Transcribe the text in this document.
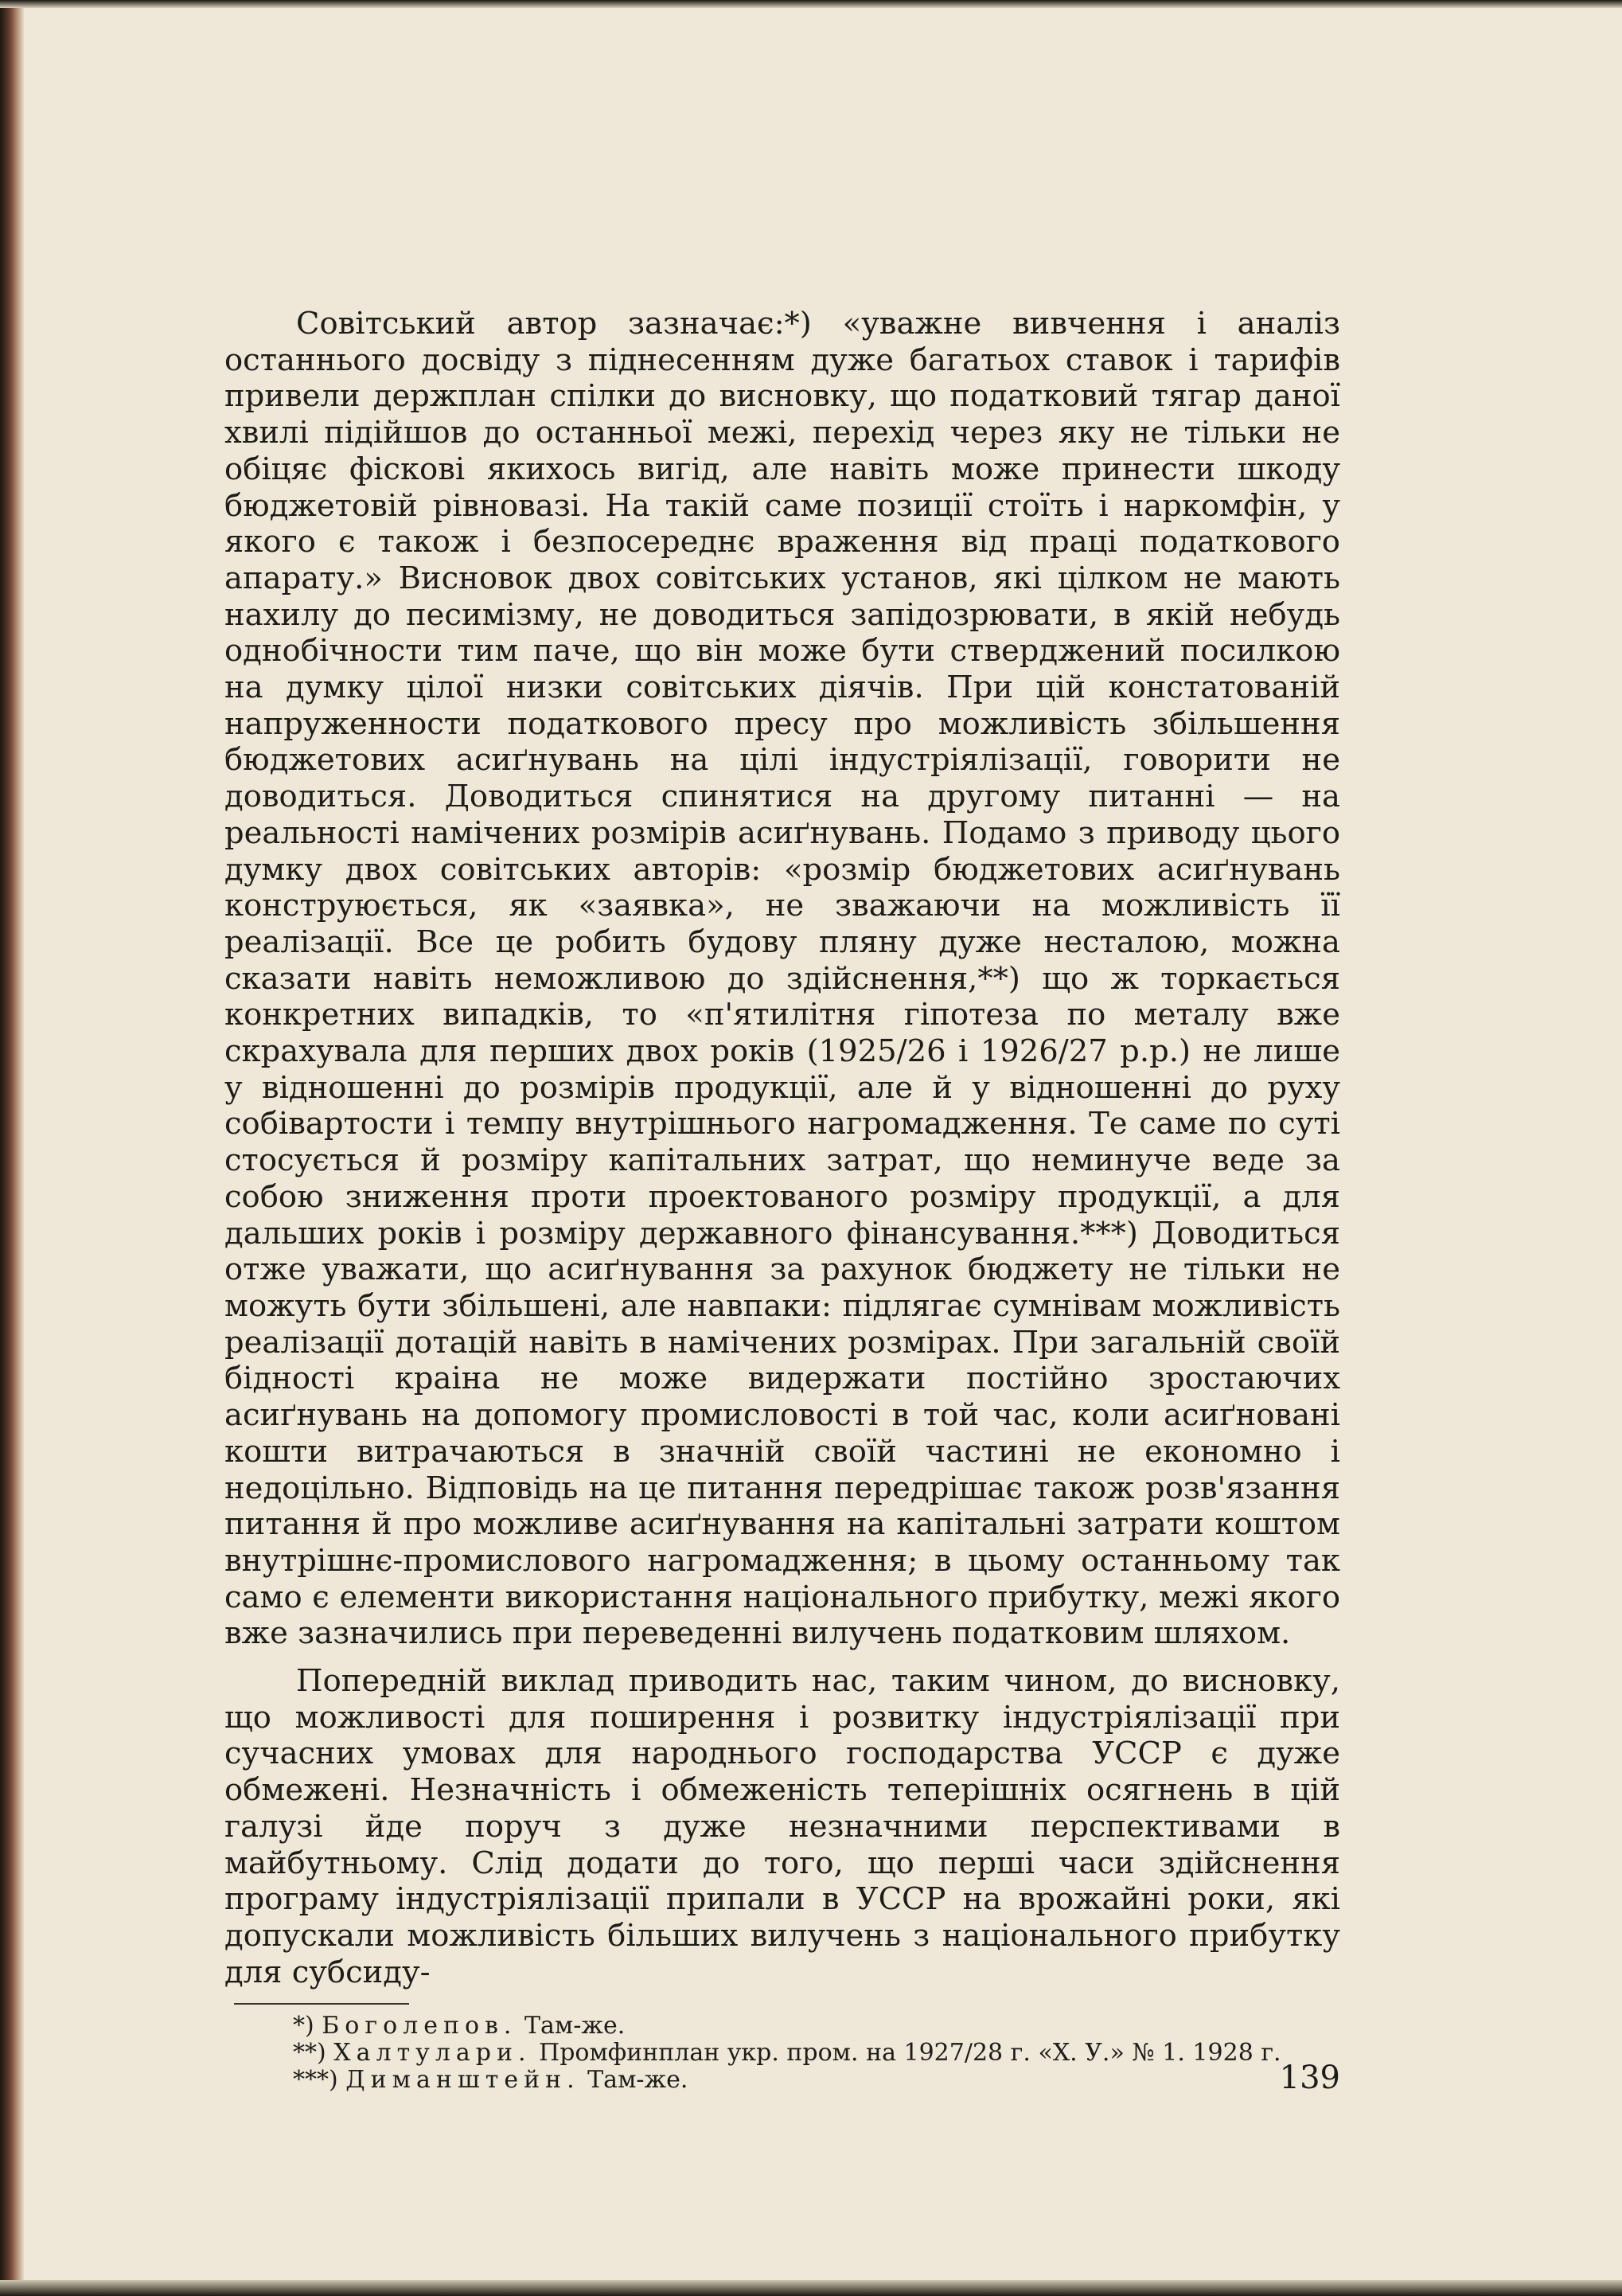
Совітський автор зазначає:*) «уважне вивчення і аналіз останнього досвіду з піднесенням дуже багатьох ставок і тарифів привели держплан спілки до висновку, що податковий тягар даної хвилі підійшов до останньої межі, перехід через яку не тільки не обіцяє фіскові якихось вигід, але навіть може принести шкоду бюджетовій рівновазі. На такій саме позиції стоїть і наркомфін, у якого є також і безпосереднє враження від праці податкового апарату.» Висновок двох совітських установ, які цілком не мають нахилу до песимізму, не доводиться запідозрювати, в якій небудь однобічности тим паче, що він може бути стверджений посилкою на думку цілої низки совітських діячів. При цій констатованій напруженности податкового пресу про можливість збільшення бюджетових асиґнувань на цілі індустріялізації, говорити не доводиться. Доводиться спинятися на другому питанні — на реальності намічених розмірів асиґнувань. Подамо з приводу цього думку двох совітських авторів: «розмір бюджетових асиґнувань конструюється, як «заявка», не зважаючи на можливість її реалізації. Все це робить будову пляну дуже несталою, можна сказати навіть неможливою до здійснення,**) що ж торкається конкретних випадків, то «п'ятилітня гіпотеза по металу вже скрахувала для перших двох років (1925/26 і 1926/27 р.р.) не лише у відношенні до розмірів продукції, але й у відношенні до руху собівартости і темпу внутрішнього нагромадження. Те саме по суті стосується й розміру капітальних затрат, що неминуче веде за собою зниження проти проектованого розміру продукції, а для дальших років і розміру державного фінансування.***) Доводиться отже уважати, що асиґнування за рахунок бюджету не тільки не можуть бути збільшені, але навпаки: підлягає сумнівам можливість реалізації дотацій навіть в намічених розмірах. При загальній своїй бідності краіна не може видержати постійно зростаючих асиґнувань на допомогу промисловості в той час, коли асиґновані кошти витрачаються в значній своїй частині не економно і недоцільно. Відповідь на це питання передрішає також розв'язання питання й про можливе асиґнування на капітальні затрати коштом внутрішнє-промислового нагромадження; в цьому останньому так само є елементи використання національного прибутку, межі якого вже зазначились при переведенні вилучень податковим шляхом.

Попередній виклад приводить нас, таким чином, до висновку, що можливості для поширення і розвитку індустріялізації при сучасних умовах для народнього господарства УССР є дуже обмежені. Незначність і обмеженість теперішніх осягнень в цій галузі йде поруч з дуже незначними перспективами в майбутньому. Слід додати до того, що перші часи здійснення програму індустріялізації припали в УССР на врожайні роки, які допускали можливість більших вилучень з національного прибутку для субсиду-

*) Боголепов. Там-же.

**) Халтулари. Промфинплан укр. пром. на 1927/28 г. «Х. У.» № 1. 1928 г.

***) Диманштейн. Там-же.	139
